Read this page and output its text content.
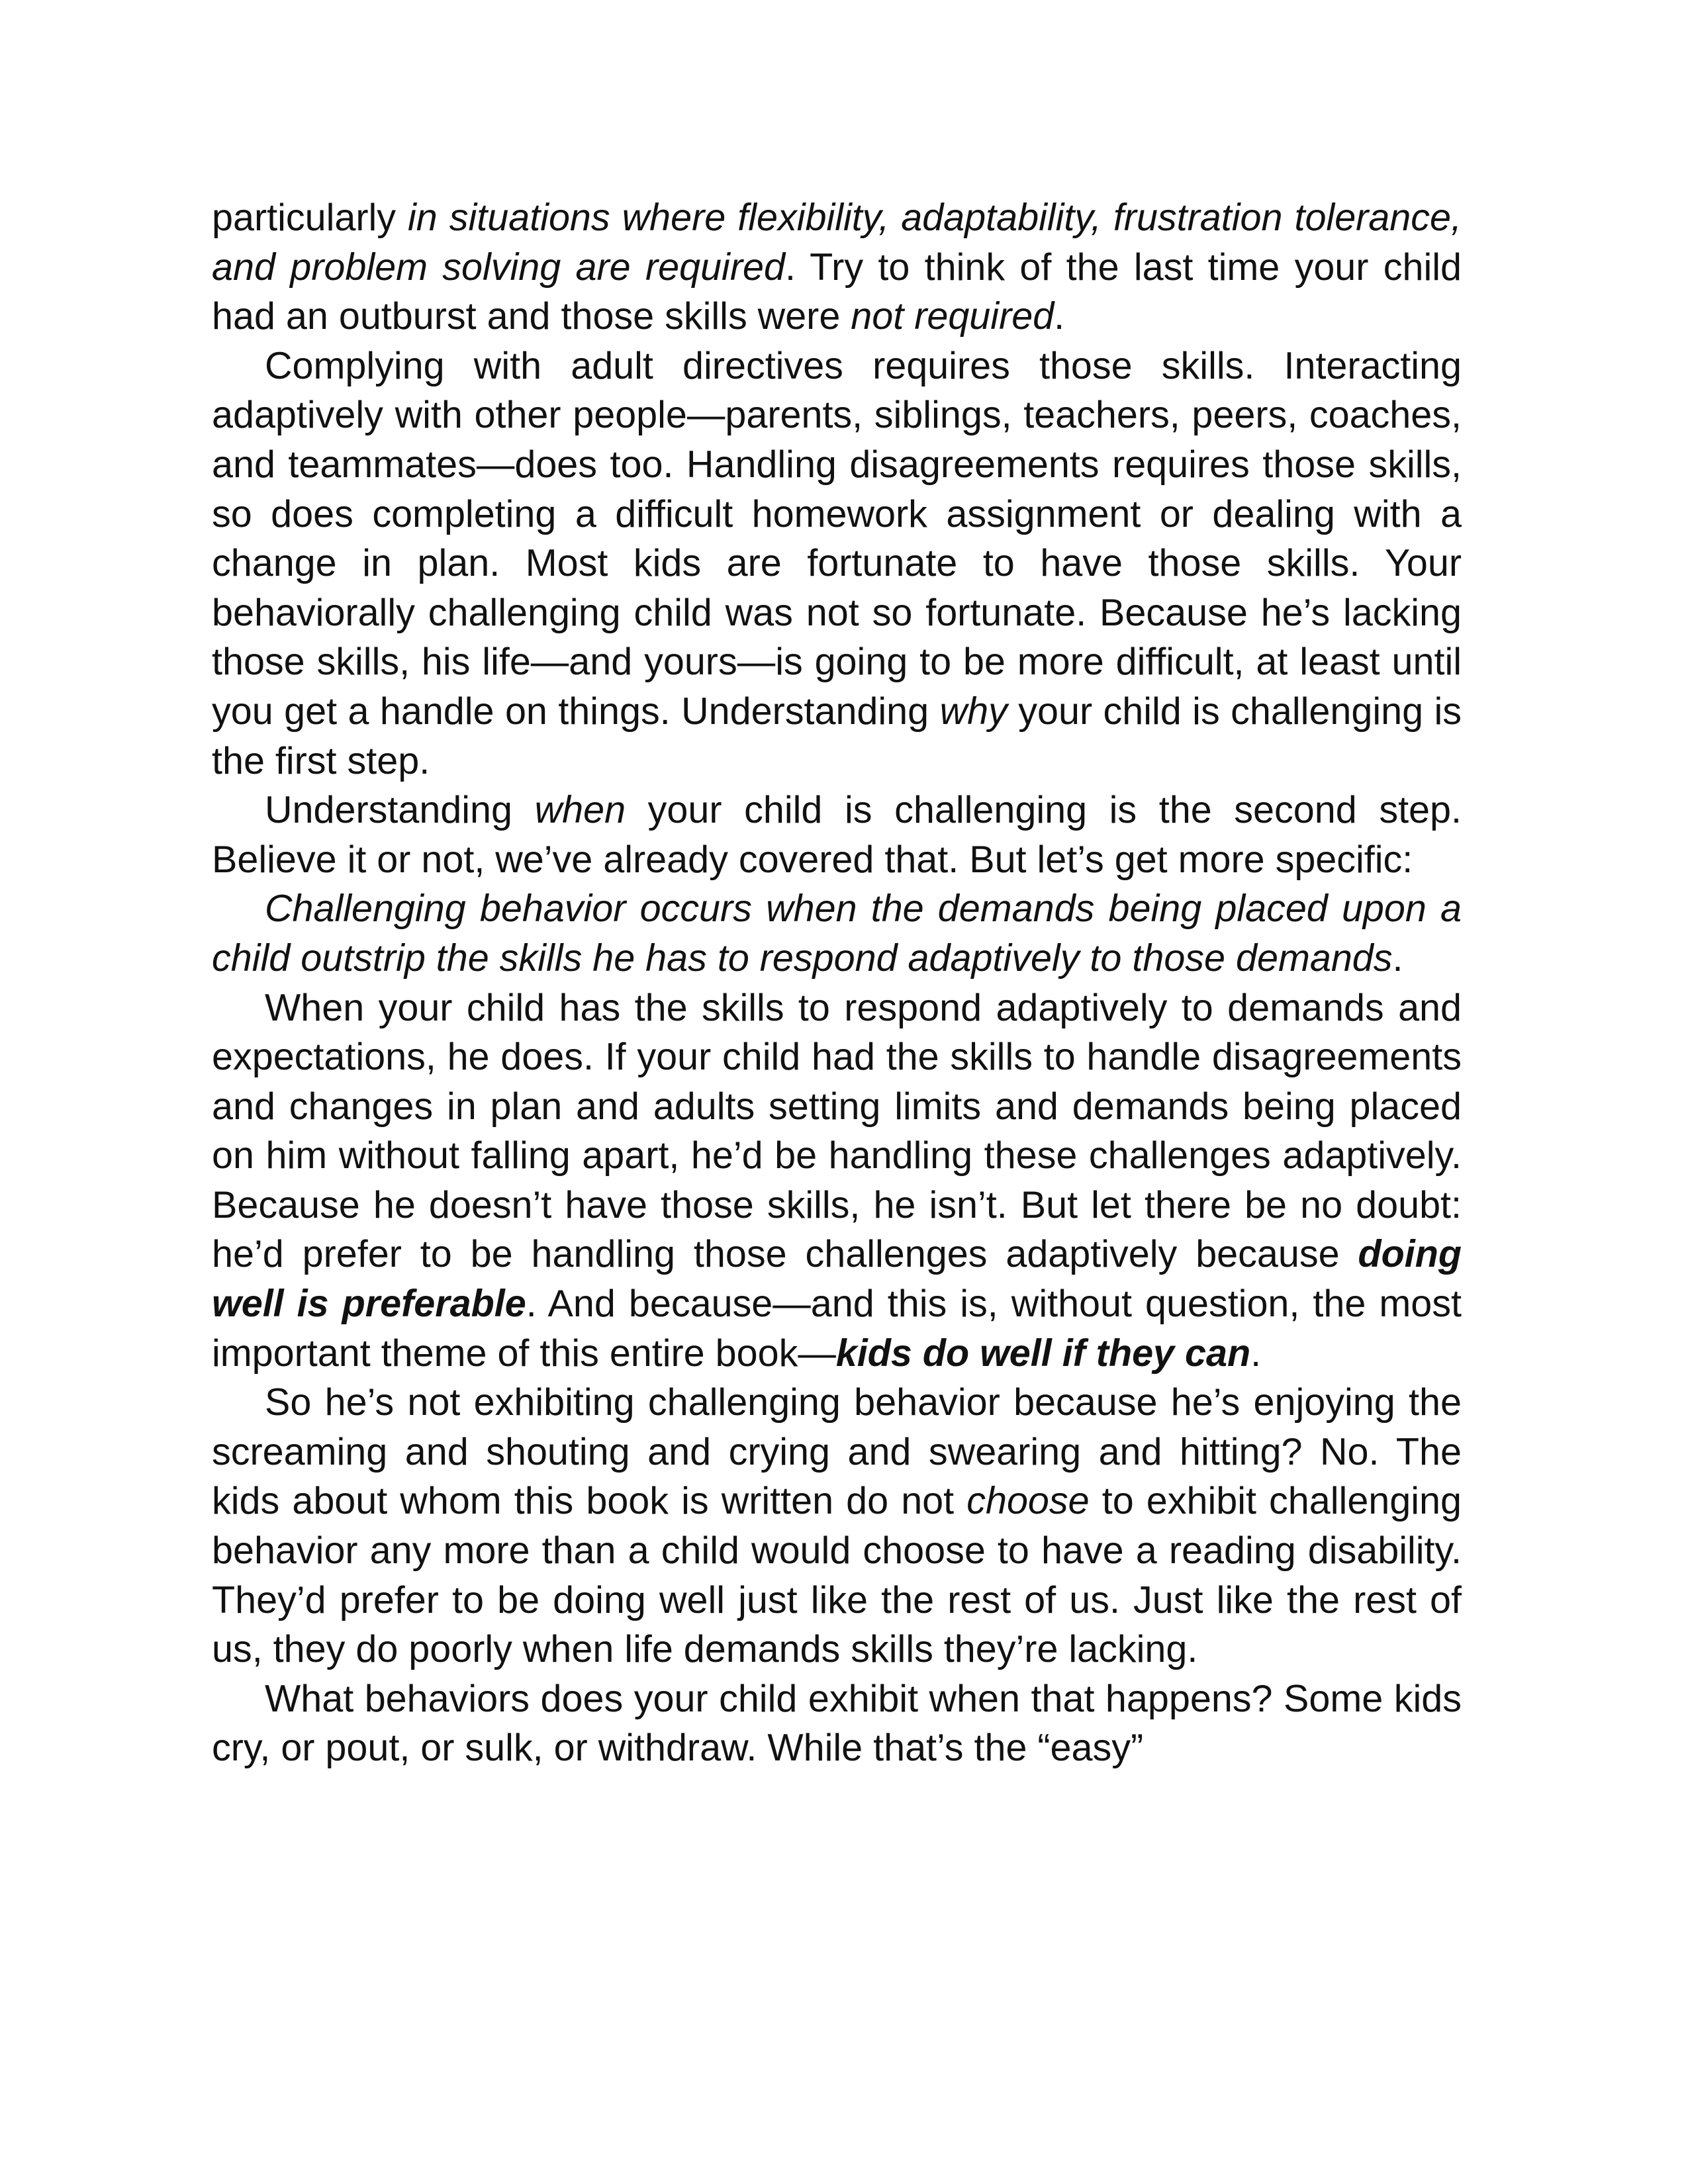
particularly in situations where flexibility, adaptability, frustration tolerance, and problem solving are required. Try to think of the last time your child had an outburst and those skills were not required.

Complying with adult directives requires those skills. Interacting adaptively with other people—parents, siblings, teachers, peers, coaches, and teammates—does too. Handling disagreements requires those skills, so does completing a difficult homework assignment or dealing with a change in plan. Most kids are fortunate to have those skills. Your behaviorally challenging child was not so fortunate. Because he’s lacking those skills, his life—and yours—is going to be more difficult, at least until you get a handle on things. Understanding why your child is challenging is the first step.

Understanding when your child is challenging is the second step. Believe it or not, we’ve already covered that. But let’s get more specific:

Challenging behavior occurs when the demands being placed upon a child outstrip the skills he has to respond adaptively to those demands.

When your child has the skills to respond adaptively to demands and expectations, he does. If your child had the skills to handle disagreements and changes in plan and adults setting limits and demands being placed on him without falling apart, he’d be handling these challenges adaptively. Because he doesn’t have those skills, he isn’t. But let there be no doubt: he’d prefer to be handling those challenges adaptively because doing well is preferable. And because—and this is, without question, the most important theme of this entire book—kids do well if they can.

So he’s not exhibiting challenging behavior because he’s enjoying the screaming and shouting and crying and swearing and hitting? No. The kids about whom this book is written do not choose to exhibit challenging behavior any more than a child would choose to have a reading disability. They’d prefer to be doing well just like the rest of us. Just like the rest of us, they do poorly when life demands skills they’re lacking.

What behaviors does your child exhibit when that happens? Some kids cry, or pout, or sulk, or withdraw. While that’s the “easy”
